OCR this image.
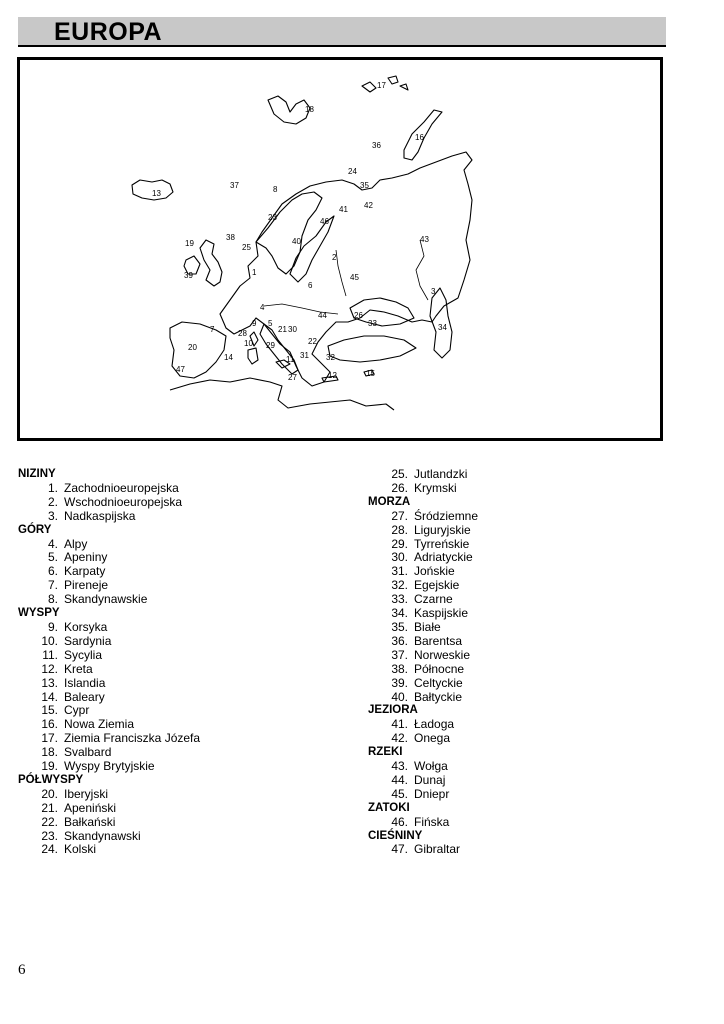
EUROPA
1
2
3
4
5
6
7
8
9
10
11
12
13
14
15
16
17
18
19
20
21
22
23
24
25
26
27
28
29
30
31 32
33	34
35
36
37
38
39
40
41 42
43
44
45
46
47
NIZINY
1. Zachodnioeuropejska
2. Wschodnioeuropejska
3. Nadkaspijska
GÓRY
4. Alpy
5. Apeniny
6. Karpaty
7. Pireneje
8. Skandynawskie
WYSPY
9. Korsyka
10. Sardynia
11. Sycylia
12. Kreta
13. Islandia
14. Baleary
15. Cypr
16. Nowa Ziemia
17. Ziemia Franciszka Józefa
18. Svalbard
19. Wyspy Brytyjskie
PÓŁWYSPY
20. Iberyjski
21. Apeniński
22. Bałkański
23. Skandynawski
24. Kolski
25. Jutlandzki
26. Krymski
MORZA
27. Śródziemne
28. Liguryjskie
29. Tyrreńskie
30. Adriatyckie
31. Jońskie
32. Egejskie
33. Czarne
34. Kaspijskie
35. Białe
36. Barentsa
37. Norweskie
38. Północne
39. Celtyckie
40. Bałtyckie
JEZIORA
41. Ładoga
42. Onega
RZEKI
43. Wołga
44. Dunaj
45. Dniepr
ZATOKI
46. Fińska
CIEŚNINY
47. Gibraltar
6
